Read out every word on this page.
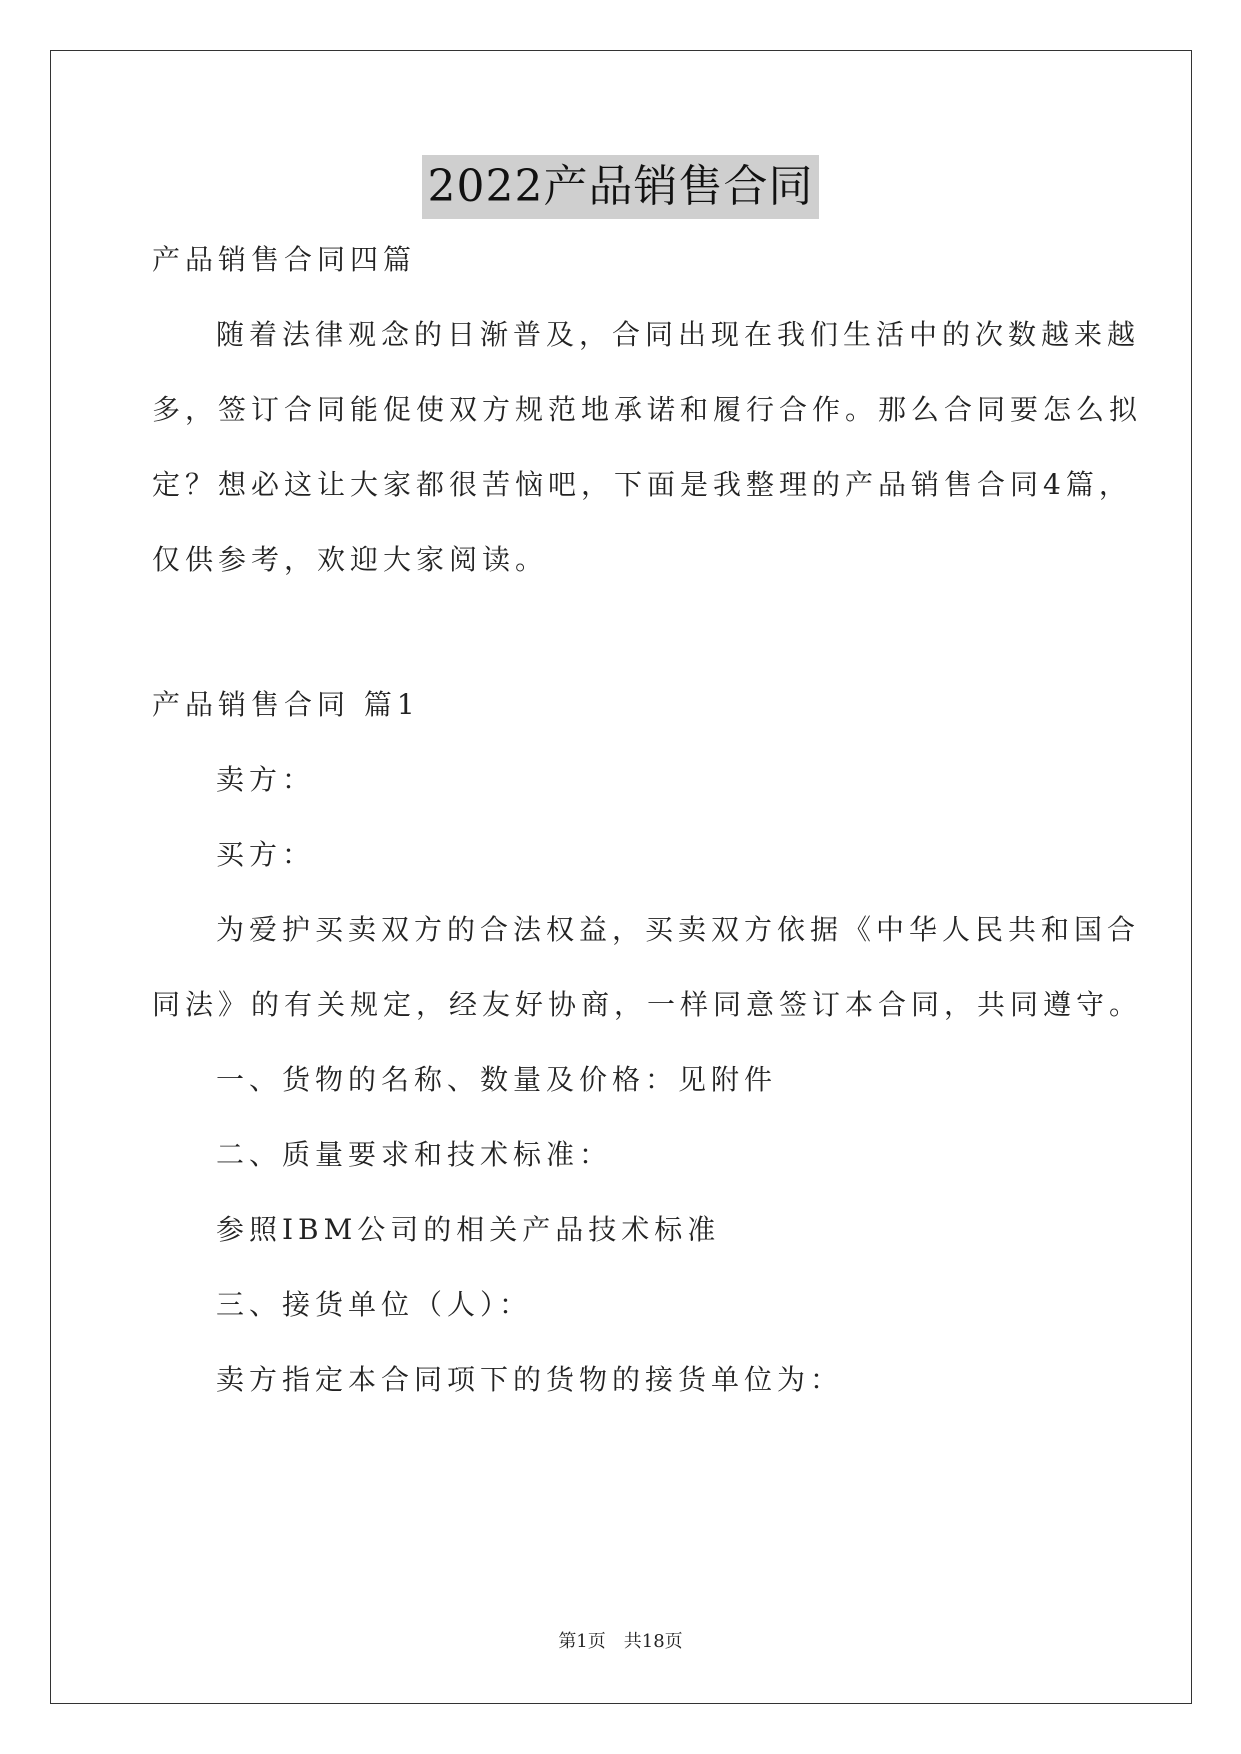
2022产品销售合同
产品销售合同四篇
随着法律观念的日渐普及，合同出现在我们生活中的次数越来越
多，签订合同能促使双方规范地承诺和履行合作。那么合同要怎么拟
定？想必这让大家都很苦恼吧，下面是我整理的产品销售合同4篇，
仅供参考，欢迎大家阅读。
产品销售合同 篇1
卖方：
买方：
为爱护买卖双方的合法权益，买卖双方依据《中华人民共和国合
同法》的有关规定，经友好协商，一样同意签订本合同，共同遵守。
一、货物的名称、数量及价格：见附件
二、质量要求和技术标准：
参照IBM公司的相关产品技术标准
三、接货单位（人）：
卖方指定本合同项下的货物的接货单位为：
第1页　共18页
